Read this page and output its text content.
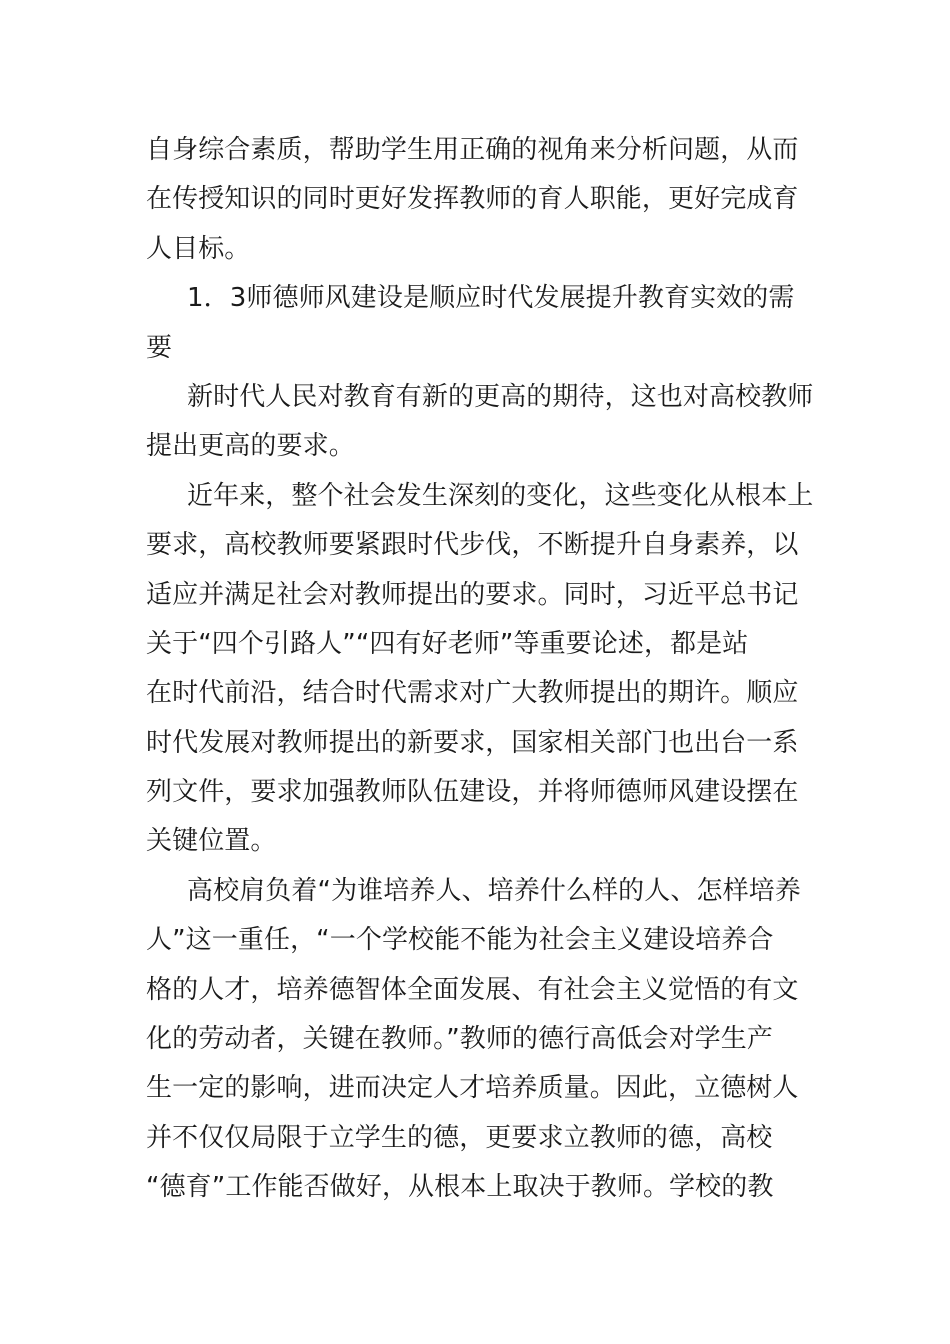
自身综合素质，帮助学生用正确的视角来分析问题，从而
在传授知识的同时更好发挥教师的育人职能，更好完成育
人目标。
1．3师德师风建设是顺应时代发展提升教育实效的需
要
新时代人民对教育有新的更高的期待，这也对高校教师
提出更高的要求。
近年来，整个社会发生深刻的变化，这些变化从根本上
要求，高校教师要紧跟时代步伐，不断提升自身素养，以
适应并满足社会对教师提出的要求。同时，习近平总书记
关于“四个引路人”“四有好老师”等重要论述，都是站
在时代前沿，结合时代需求对广大教师提出的期许。顺应
时代发展对教师提出的新要求，国家相关部门也出台一系
列文件，要求加强教师队伍建设，并将师德师风建设摆在
关键位置。
高校肩负着“为谁培养人、培养什么样的人、怎样培养
人”这一重任，“一个学校能不能为社会主义建设培养合
格的人才，培养德智体全面发展、有社会主义觉悟的有文
化的劳动者，关键在教师。”教师的德行高低会对学生产
生一定的影响，进而决定人才培养质量。因此，立德树人
并不仅仅局限于立学生的德，更要求立教师的德，高校
“德育”工作能否做好，从根本上取决于教师。学校的教
